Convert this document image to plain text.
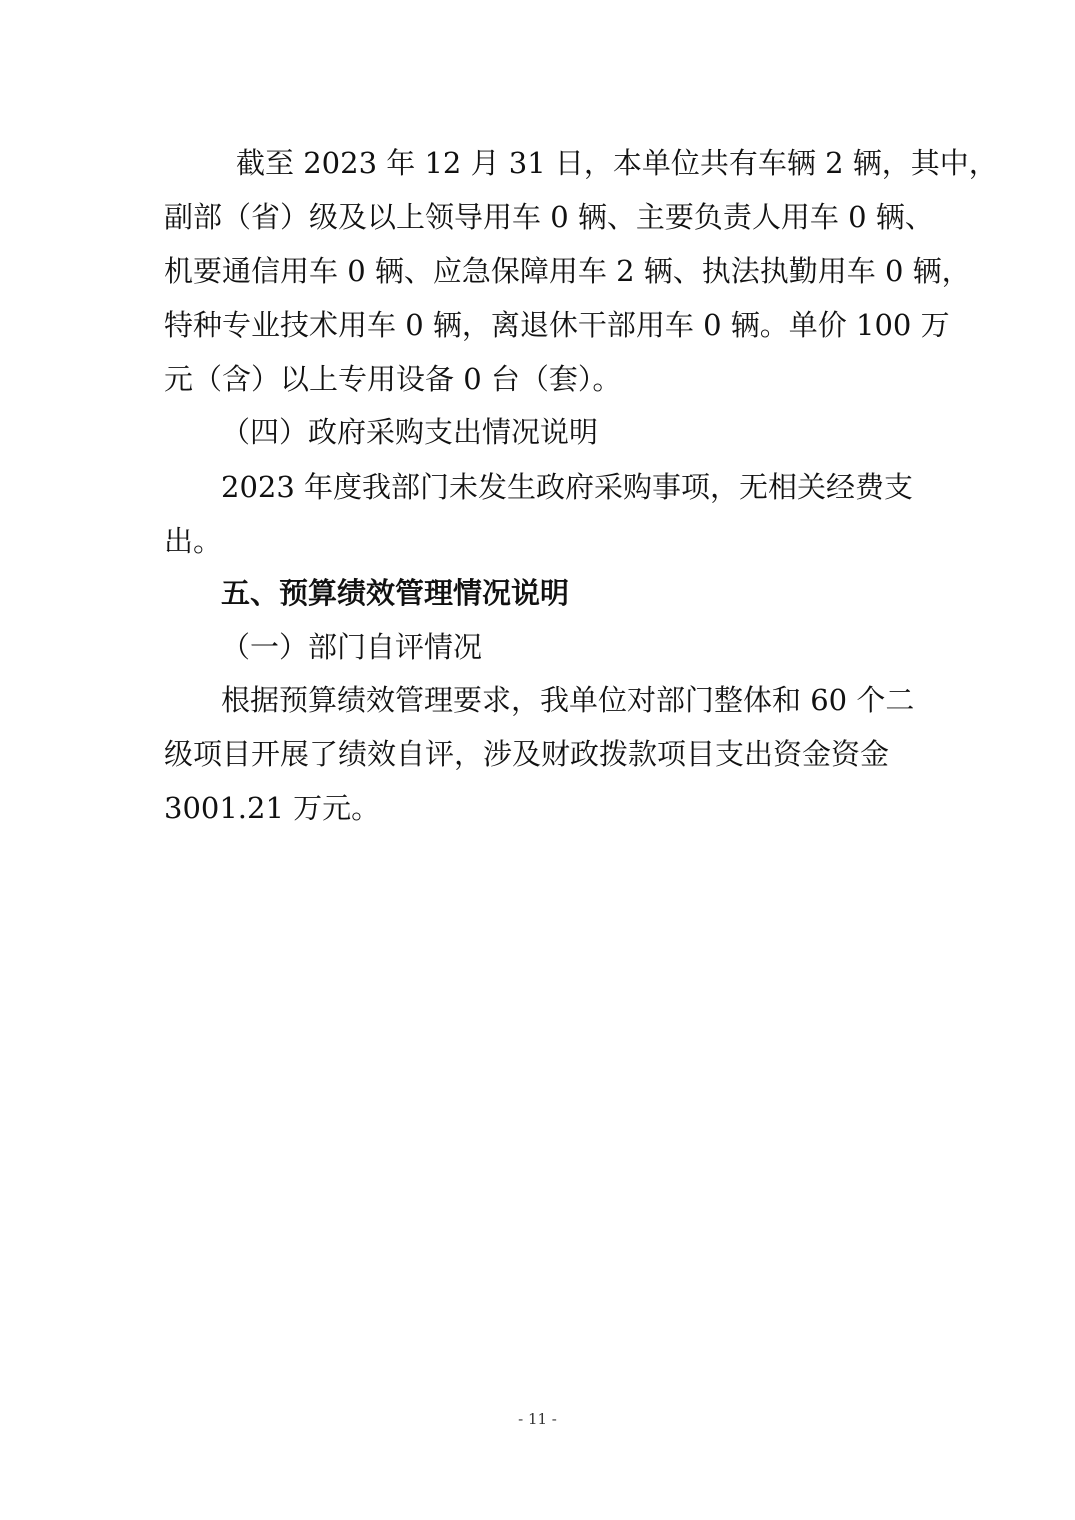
截至 2023 年 12 月 31 日，本单位共有车辆 2 辆，其中，
副部（省）级及以上领导用车 0 辆、主要负责人用车 0 辆、
机要通信用车 0 辆、应急保障用车 2 辆、执法执勤用车 0 辆，
特种专业技术用车 0 辆，离退休干部用车 0 辆。单价 100 万
元（含）以上专用设备 0 台（套）。
（四）政府采购支出情况说明
2023 年度我部门未发生政府采购事项，无相关经费支
出。
五、预算绩效管理情况说明
（一）部门自评情况
根据预算绩效管理要求，我单位对部门整体和 60 个二
级项目开展了绩效自评，涉及财政拨款项目支出资金资金
3001.21 万元。
- 11 -
